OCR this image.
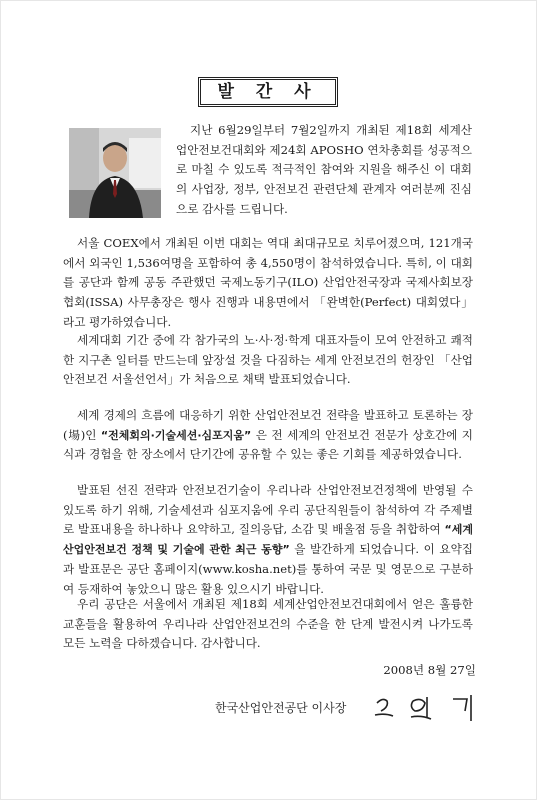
발 간 사

지난 6월29일부터 7월2일까지 개최된 제18회 세계산업안전보건대회와 제24회 APOSHO 연차총회를 성공적으로 마칠 수 있도록 적극적인 참여와 지원을 해주신 이 대회의 사업장, 정부, 안전보건 관련단체 관계자 여러분께 진심으로 감사를 드립니다.

서울 COEX에서 개최된 이번 대회는 역대 최대규모로 치루어졌으며, 121개국에서 외국인 1,536여명을 포함하여 총 4,550명이 참석하였습니다. 특히, 이 대회를 공단과 함께 공동 주관했던 국제노동기구(ILO) 산업안전국장과 국제사회보장협회(ISSA) 사무총장은 행사 진행과 내용면에서 「완벽한(Perfect) 대회였다」라고 평가하였습니다.

세계대회 기간 중에 각 참가국의 노·사·정·학계 대표자들이 모여 안전하고 쾌적한 지구촌 일터를 만드는데 앞장설 것을 다짐하는 세계 안전보건의 헌장인 「산업안전보건 서울선언서」가 처음으로 채택 발표되었습니다.

세계 경제의 흐름에 대응하기 위한 산업안전보건 전략을 발표하고 토론하는 장(場)인 “전체회의·기술세션·심포지움” 은 전 세계의 안전보건 전문가 상호간에 지식과 경험을 한 장소에서 단기간에 공유할 수 있는 좋은 기회를 제공하였습니다.

발표된 선진 전략과 안전보건기술이 우리나라 산업안전보건정책에 반영될 수 있도록 하기 위해, 기술세션과 심포지움에 우리 공단직원들이 참석하여 각 주제별로 발표내용을 하나하나 요약하고, 질의응답, 소감 및 배울점 등을 취합하여 “세계산업안전보건 정책 및 기술에 관한 최근 동향” 을 발간하게 되었습니다. 이 요약집과 발표문은 공단 홈페이지(www.kosha.net)를 통하여 국문 및 영문으로 구분하여 등재하여 놓았으니 많은 활용 있으시기 바랍니다.

우리 공단은 서울에서 개최된 제18회 세계산업안전보건대회에서 얻은 훌륭한 교훈들을 활용하여 우리나라 산업안전보건의 수준을 한 단계 발전시켜 나가도록 모든 노력을 다하겠습니다. 감사합니다.

2008년 8월 27일
한국산업안전공단 이사장
